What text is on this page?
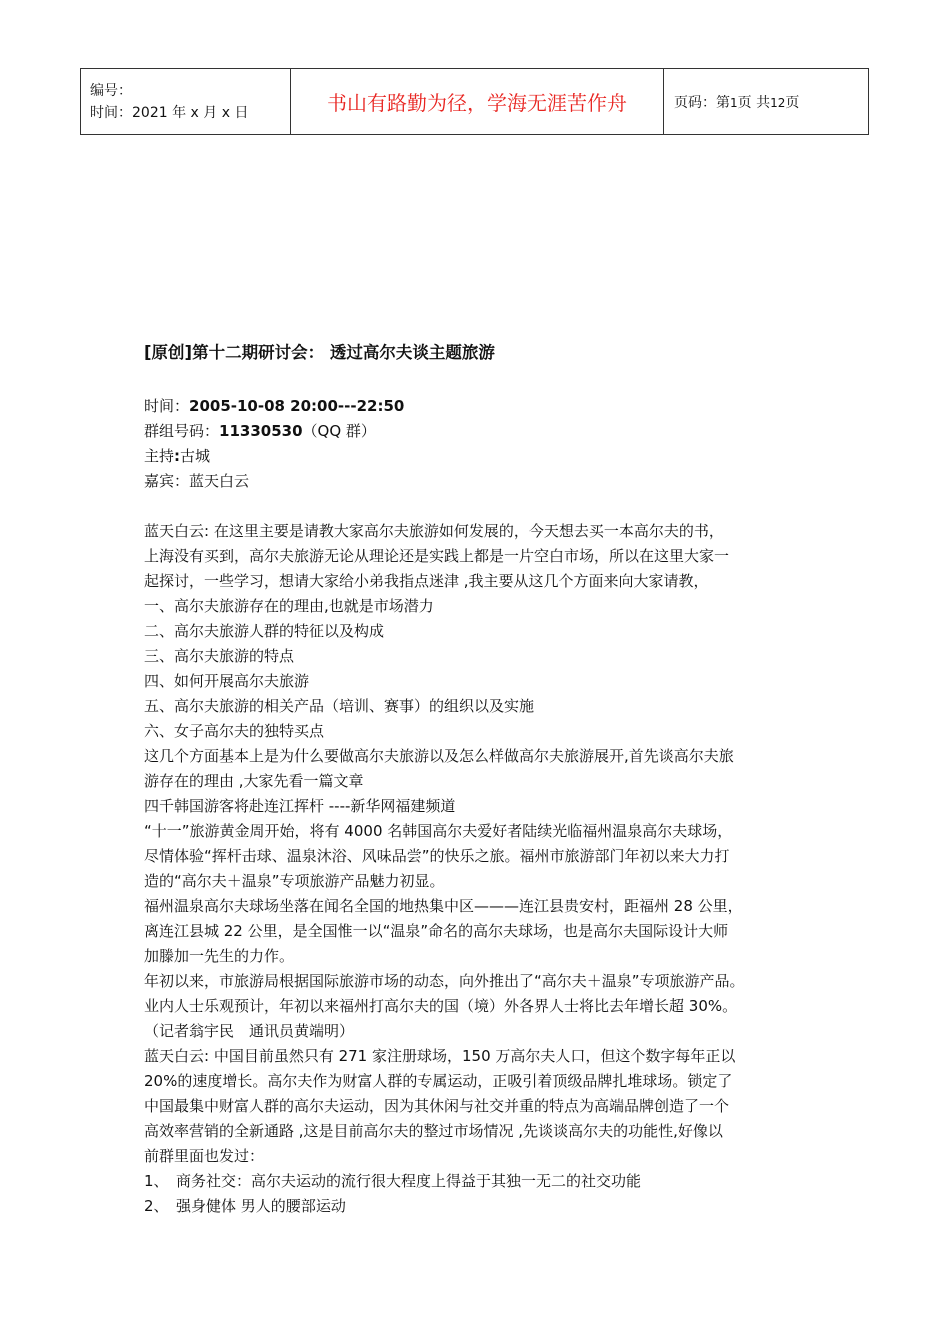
编号：
时间：2021 年 x 月 x 日	书山有路勤为径，学海无涯苦作舟	页码：第1页 共12页

[原创]第十二期研讨会： 透过高尔夫谈主题旅游

时间：2005-10-08 20:00---22:50

群组号码：11330530（QQ 群）

主持:古城

嘉宾：蓝天白云

蓝天白云: 在这里主要是请教大家高尔夫旅游如何发展的，今天想去买一本高尔夫的书，

上海没有买到，高尔夫旅游无论从理论还是实践上都是一片空白市场，所以在这里大家一

起探讨，一些学习，想请大家给小弟我指点迷津 ,我主要从这几个方面来向大家请教，

一、高尔夫旅游存在的理由,也就是市场潜力

二、高尔夫旅游人群的特征以及构成

三、高尔夫旅游的特点

四、如何开展高尔夫旅游

五、高尔夫旅游的相关产品（培训、赛事）的组织以及实施

六、女子高尔夫的独特买点

这几个方面基本上是为什么要做高尔夫旅游以及怎么样做高尔夫旅游展开,首先谈高尔夫旅

游存在的理由 ,大家先看一篇文章

四千韩国游客将赴连江挥杆 ----新华网福建频道

“十一”旅游黄金周开始，将有 4000 名韩国高尔夫爱好者陆续光临福州温泉高尔夫球场，

尽情体验“挥杆击球、温泉沐浴、风味品尝”的快乐之旅。福州市旅游部门年初以来大力打

造的“高尔夫＋温泉”专项旅游产品魅力初显。

福州温泉高尔夫球场坐落在闻名全国的地热集中区———连江县贵安村，距福州 28 公里，

离连江县城 22 公里，是全国惟一以“温泉”命名的高尔夫球场，也是高尔夫国际设计大师

加滕加一先生的力作。

年初以来，市旅游局根据国际旅游市场的动态，向外推出了“高尔夫＋温泉”专项旅游产品。

业内人士乐观预计，年初以来福州打高尔夫的国（境）外各界人士将比去年增长超 30%。

（记者翁宇民　通讯员黄端明）

蓝天白云: 中国目前虽然只有 271 家注册球场，150 万高尔夫人口，但这个数字每年正以

20%的速度增长。高尔夫作为财富人群的专属运动，正吸引着顶级品牌扎堆球场。锁定了

中国最集中财富人群的高尔夫运动，因为其休闲与社交并重的特点为高端品牌创造了一个

高效率营销的全新通路 ,这是目前高尔夫的整过市场情况 ,先谈谈高尔夫的功能性,好像以

前群里面也发过：

1、　商务社交：高尔夫运动的流行很大程度上得益于其独一无二的社交功能

2、　强身健体 男人的腰部运动
